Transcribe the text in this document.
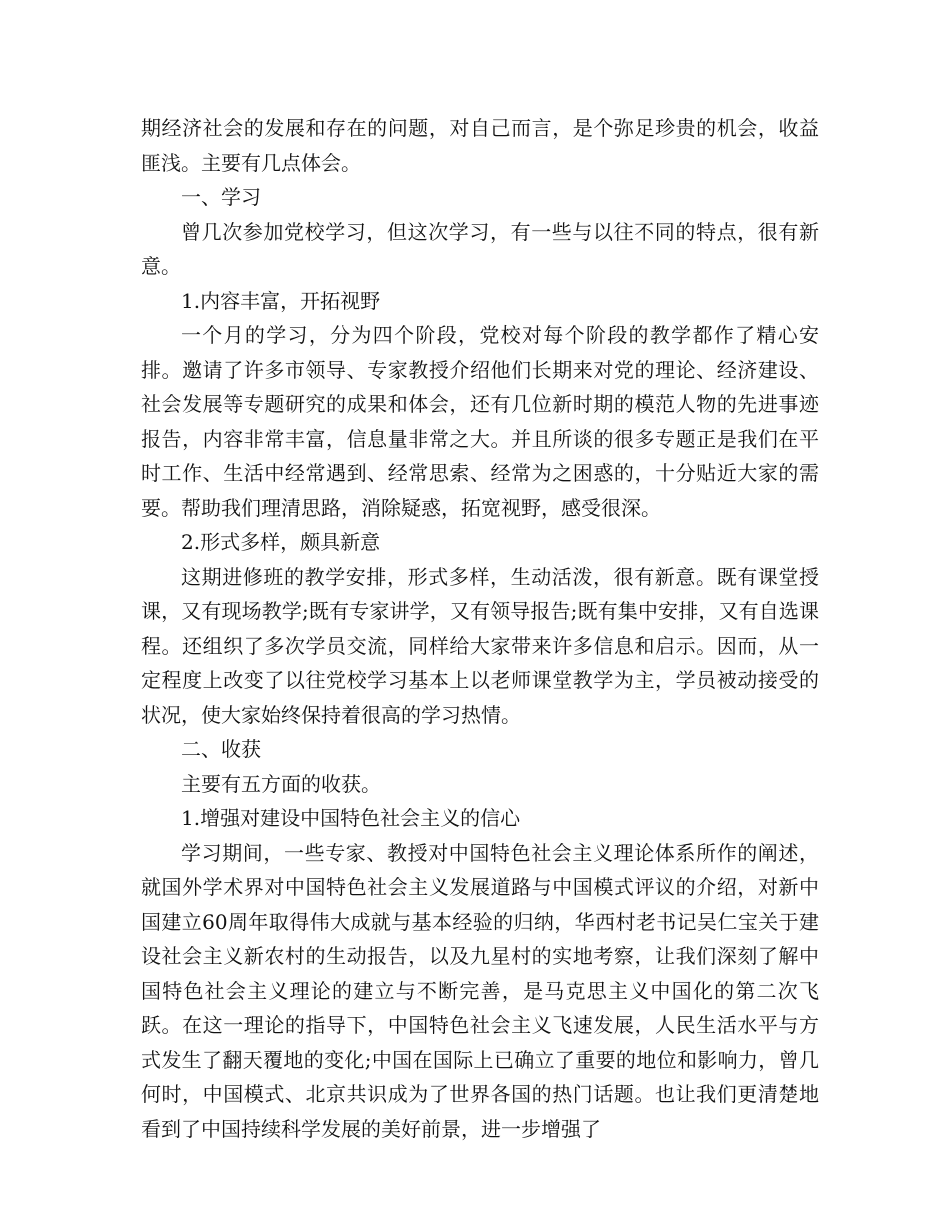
期经济社会的发展和存在的问题，对自己而言，是个弥足珍贵的机会，收益匪浅。主要有几点体会。

一、学习

曾几次参加党校学习，但这次学习，有一些与以往不同的特点，很有新意。

1.内容丰富，开拓视野

一个月的学习，分为四个阶段，党校对每个阶段的教学都作了精心安排。邀请了许多市领导、专家教授介绍他们长期来对党的理论、经济建设、社会发展等专题研究的成果和体会，还有几位新时期的模范人物的先进事迹报告，内容非常丰富，信息量非常之大。并且所谈的很多专题正是我们在平时工作、生活中经常遇到、经常思索、经常为之困惑的，十分贴近大家的需要。帮助我们理清思路，消除疑惑，拓宽视野，感受很深。

2.形式多样，颇具新意

这期进修班的教学安排，形式多样，生动活泼，很有新意。既有课堂授课，又有现场教学;既有专家讲学，又有领导报告;既有集中安排，又有自选课程。还组织了多次学员交流，同样给大家带来许多信息和启示。因而，从一定程度上改变了以往党校学习基本上以老师课堂教学为主，学员被动接受的状况，使大家始终保持着很高的学习热情。

二、收获

主要有五方面的收获。

1.增强对建设中国特色社会主义的信心

学习期间，一些专家、教授对中国特色社会主义理论体系所作的阐述，就国外学术界对中国特色社会主义发展道路与中国模式评议的介绍，对新中国建立60周年取得伟大成就与基本经验的归纳，华西村老书记吴仁宝关于建设社会主义新农村的生动报告，以及九星村的实地考察，让我们深刻了解中国特色社会主义理论的建立与不断完善，是马克思主义中国化的第二次飞跃。在这一理论的指导下，中国特色社会主义飞速发展，人民生活水平与方式发生了翻天覆地的变化;中国在国际上已确立了重要的地位和影响力，曾几何时，中国模式、北京共识成为了世界各国的热门话题。也让我们更清楚地看到了中国持续科学发展的美好前景，进一步增强了
